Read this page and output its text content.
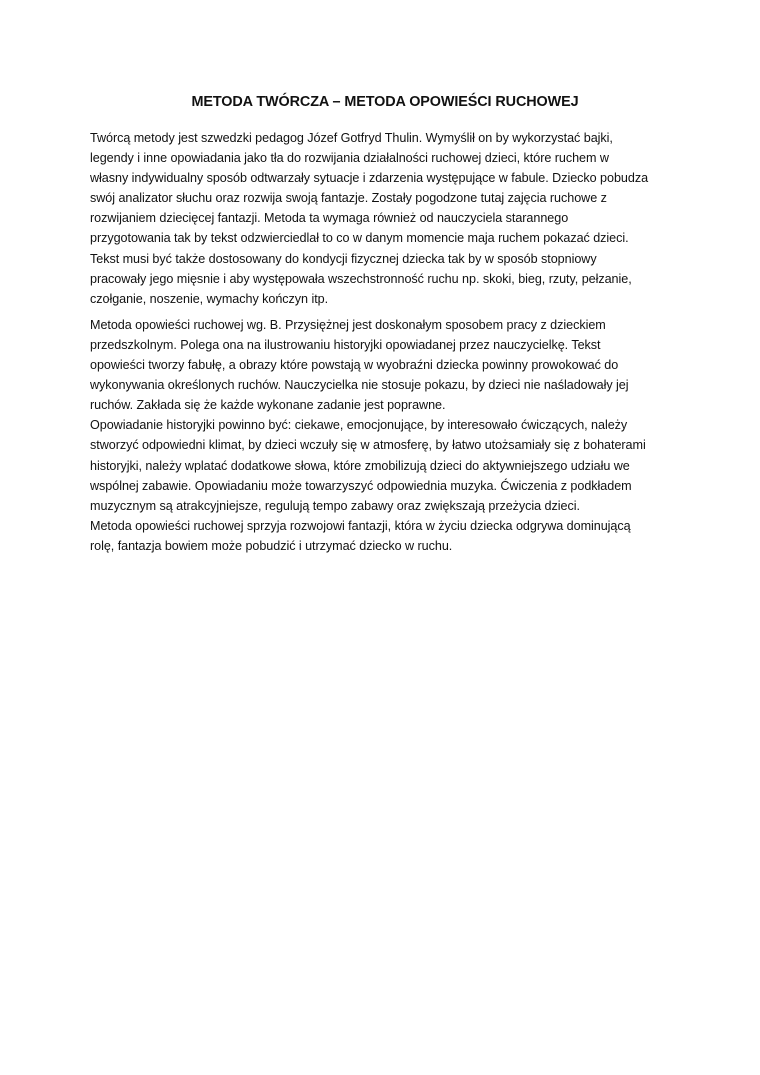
METODA TWÓRCZA – METODA OPOWIEŚCI RUCHOWEJ

Twórcą metody jest szwedzki pedagog Józef Gotfryd Thulin. Wymyślił on by wykorzystać bajki,
legendy i inne opowiadania jako tła do rozwijania działalności ruchowej dzieci, które ruchem w
własny indywidualny sposób odtwarzały sytuacje i zdarzenia występujące w fabule. Dziecko pobudza
swój analizator słuchu oraz rozwija swoją fantazje. Zostały pogodzone tutaj zajęcia ruchowe z
rozwijaniem dziecięcej fantazji. Metoda ta wymaga również od nauczyciela starannego
przygotowania tak by tekst odzwierciedlał to co w danym momencie maja ruchem pokazać dzieci.
Tekst musi być także dostosowany do kondycji fizycznej dziecka tak by w sposób stopniowy
pracowały jego mięsnie i aby występowała wszechstronność ruchu np. skoki, bieg, rzuty, pełzanie,
czołganie, noszenie, wymachy kończyn itp.

Metoda opowieści ruchowej wg. B. Przysiężnej jest doskonałym sposobem pracy z dzieckiem
przedszkolnym. Polega ona na ilustrowaniu historyjki opowiadanej przez nauczycielkę. Tekst
opowieści tworzy fabułę, a obrazy które powstają w wyobraźni dziecka powinny prowokować do
wykonywania określonych ruchów. Nauczycielka nie stosuje pokazu, by dzieci nie naśladowały jej
ruchów. Zakłada się że każde wykonane zadanie jest poprawne.
Opowiadanie historyjki powinno być: ciekawe, emocjonujące, by interesowało ćwiczących, należy
stworzyć odpowiedni klimat, by dzieci wczuły się w atmosferę, by łatwo utożsamiały się z bohaterami
historyjki, należy wplatać dodatkowe słowa, które zmobilizują dzieci do aktywniejszego udziału we
wspólnej zabawie. Opowiadaniu może towarzyszyć odpowiednia muzyka. Ćwiczenia z podkładem
muzycznym są atrakcyjniejsze, regulują tempo zabawy oraz zwiększają przeżycia dzieci.
Metoda opowieści ruchowej sprzyja rozwojowi fantazji, która w życiu dziecka odgrywa dominującą
rolę, fantazja bowiem może pobudzić i utrzymać dziecko w ruchu.
